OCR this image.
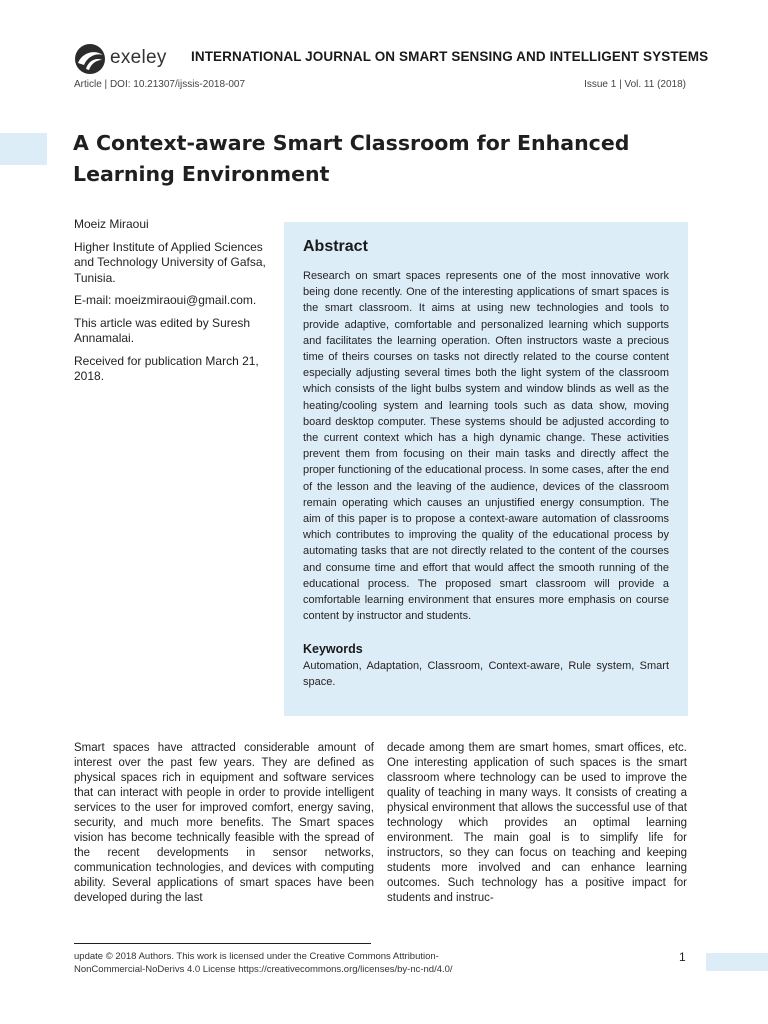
exeley INTERNATIONAL JOURNAL ON SMART SENSING AND INTELLIGENT SYSTEMS
Article | DOI: 10.21307/ijssis-2018-007	Issue 1 | Vol. 11 (2018)
A Context-aware Smart Classroom for Enhanced Learning Environment

Moeiz Miraoui

Higher Institute of Applied Sciences and Technology University of Gafsa, Tunisia.

E-mail: moeizmiraoui@gmail.com.

This article was edited by Suresh Annamalai.

Received for publication March 21, 2018.

Abstract

Research on smart spaces represents one of the most innovative work being done recently. One of the interesting applications of smart spaces is the smart classroom. It aims at using new technologies and tools to provide adaptive, comfortable and personalized learning which supports and facilitates the learning operation. Often instructors waste a precious time of theirs courses on tasks not directly related to the course content especially adjusting several times both the light system of the classroom which consists of the light bulbs system and window blinds as well as the heating/cooling system and learning tools such as data show, moving board desktop computer. These systems should be adjusted according to the current context which has a high dynamic change. These activities prevent them from focusing on their main tasks and directly affect the proper functioning of the educational process. In some cases, after the end of the lesson and the leaving of the audience, devices of the classroom remain operating which causes an unjustified energy consumption. The aim of this paper is to propose a context-aware automation of classrooms which contributes to improving the quality of the educational process by automating tasks that are not directly related to the content of the courses and consume time and effort that would affect the smooth running of the educational process. The proposed smart classroom will provide a comfortable learning environment that ensures more emphasis on course content by instructor and students.

Keywords

Automation, Adaptation, Classroom, Context-aware, Rule system, Smart space.

Smart spaces have attracted considerable amount of interest over the past few years. They are defined as physical spaces rich in equipment and software services that can interact with people in order to provide intelligent services to the user for improved comfort, energy saving, security, and much more benefits. The Smart spaces vision has become technically feasible with the spread of the recent developments in sensor networks, communication technologies, and devices with computing ability. Several applications of smart spaces have been developed during the last

decade among them are smart homes, smart offices, etc. One interesting application of such spaces is the smart classroom where technology can be used to improve the quality of teaching in many ways. It consists of creating a physical environment that allows the successful use of that technology which provides an optimal learning environment. The main goal is to simplify life for instructors, so they can focus on teaching and keeping students more involved and can enhance learning outcomes. Such technology has a positive impact for students and instruc-

update © 2018 Authors. This work is licensed under the Creative Commons Attribution-NonCommercial-NoDerivs 4.0 License https://creativecommons.org/licenses/by-nc-nd/4.0/
1
